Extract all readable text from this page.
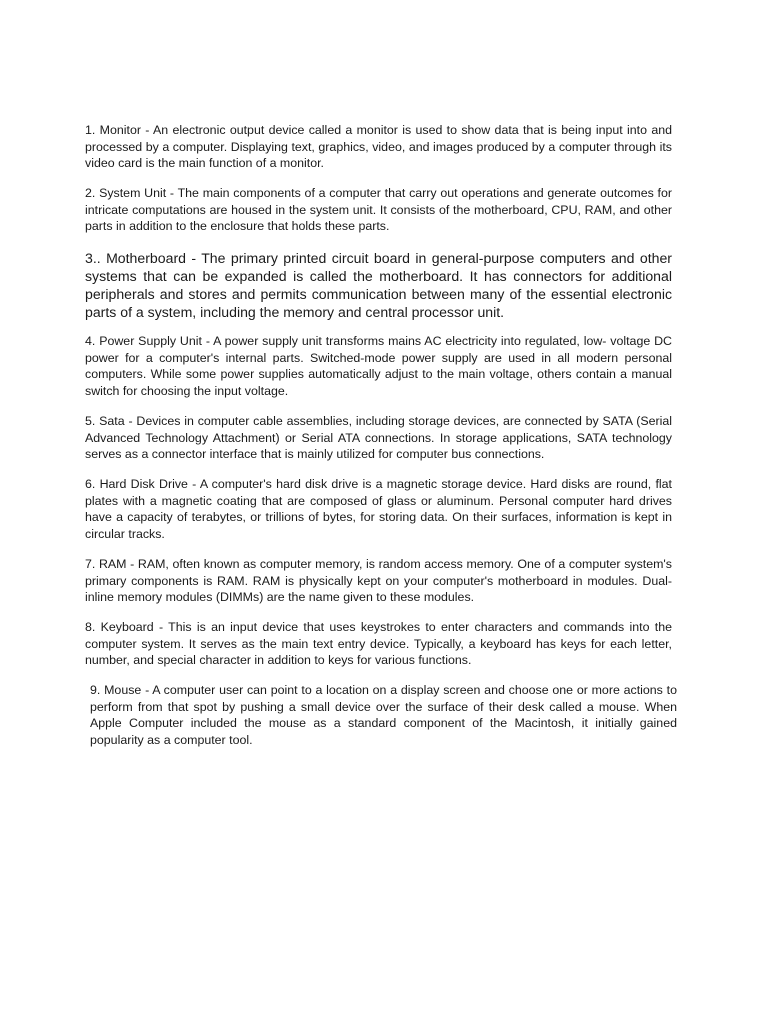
1. Monitor - An electronic output device called a monitor is used to show data that is being input into and processed by a computer. Displaying text, graphics, video, and images produced by a computer through its video card is the main function of a monitor.

2. System Unit - The main components of a computer that carry out operations and generate outcomes for intricate computations are housed in the system unit. It consists of the motherboard, CPU, RAM, and other parts in addition to the enclosure that holds these parts.

3.. Motherboard - The primary printed circuit board in general-purpose computers and other systems that can be expanded is called the motherboard. It has connectors for additional peripherals and stores and permits communication between many of the essential electronic parts of a system, including the memory and central processor unit.

4. Power Supply Unit - A power supply unit transforms mains AC electricity into regulated, low- voltage DC power for a computer's internal parts. Switched-mode power supply are used in all modern personal computers. While some power supplies automatically adjust to the main voltage, others contain a manual switch for choosing the input voltage.

5. Sata - Devices in computer cable assemblies, including storage devices, are connected by SATA (Serial Advanced Technology Attachment) or Serial ATA connections. In storage applications, SATA technology serves as a connector interface that is mainly utilized for computer bus connections.

6. Hard Disk Drive - A computer's hard disk drive is a magnetic storage device. Hard disks are round, flat plates with a magnetic coating that are composed of glass or aluminum. Personal computer hard drives have a capacity of terabytes, or trillions of bytes, for storing data. On their surfaces, information is kept in circular tracks.

7. RAM - RAM, often known as computer memory, is random access memory. One of a computer system's primary components is RAM. RAM is physically kept on your computer's motherboard in modules. Dual-inline memory modules (DIMMs) are the name given to these modules.

8. Keyboard - This is an input device that uses keystrokes to enter characters and commands into the computer system. It serves as the main text entry device. Typically, a keyboard has keys for each letter, number, and special character in addition to keys for various functions.

9. Mouse - A computer user can point to a location on a display screen and choose one or more actions to perform from that spot by pushing a small device over the surface of their desk called a mouse. When Apple Computer included the mouse as a standard component of the Macintosh, it initially gained popularity as a computer tool.
